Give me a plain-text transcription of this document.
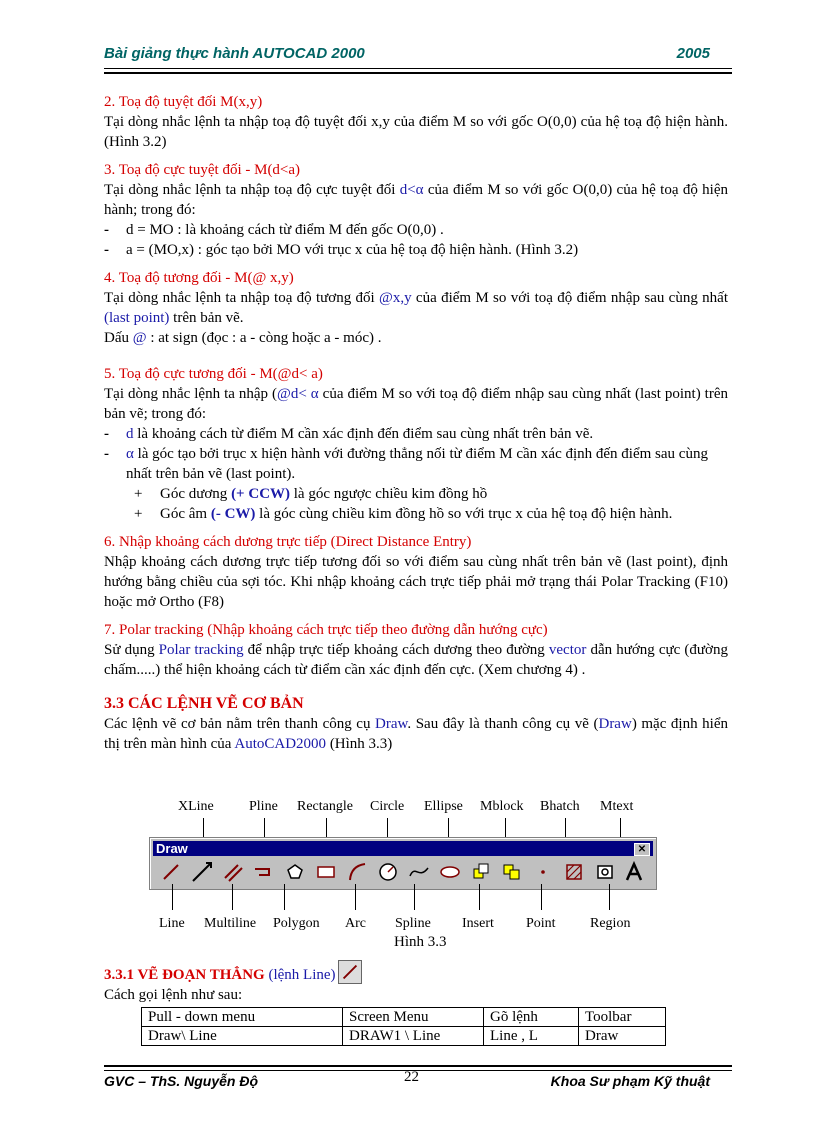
Bài giảng thực hành AUTOCAD 2000	2005

2. Toạ độ tuyệt đối M(x,y)

Tại dòng nhắc lệnh ta nhập toạ độ tuyệt đối x,y của điểm M so với gốc O(0,0) của hệ toạ độ hiện hành. (Hình 3.2)

3. Toạ độ cực tuyệt đối - M(d<a)

Tại dòng nhắc lệnh ta nhập toạ độ cực tuyệt đối d<α của điểm M so với gốc O(0,0) của hệ toạ độ hiện hành; trong đó:

-	d = MO : là khoảng cách từ điểm M đến gốc O(0,0) .
-	a = (MO,x) : góc tạo bởi MO với trục x của hệ toạ độ hiện hành. (Hình 3.2)

4. Toạ độ tương đối - M(@ x,y)

Tại dòng nhắc lệnh ta nhập toạ độ tương đối @x,y của điểm M so với toạ độ điểm nhập sau cùng nhất (last point) trên bản vẽ.

Dấu @ : at sign (đọc : a - còng hoặc a - móc) .

5. Toạ độ cực tương đối - M(@d< a)

Tại dòng nhắc lệnh ta nhập (@d< α của điểm M so với toạ độ điểm nhập sau cùng nhất (last point) trên bản vẽ; trong đó:

-	d là khoảng cách từ điểm M cần xác định đến điểm sau cùng nhất trên bản vẽ.
-	α là góc tạo bởi trục x hiện hành với đường thẳng nối từ điểm M cần xác định đến điểm sau cùng nhất trên bản vẽ (last point).
+	Góc dương (+ CCW) là góc ngược chiều kim đồng hồ
+	Góc âm (- CW) là góc cùng chiều kim đồng hồ so với trục x của hệ toạ độ hiện hành.

6. Nhập khoảng cách dương trực tiếp (Direct Distance Entry)

Nhập khoảng cách dương trực tiếp tương đối so với điểm sau cùng nhất trên bản vẽ (last point), định hướng bằng chiều của sợi tóc. Khi nhập khoảng cách trực tiếp phải mở trạng thái Polar Tracking (F10) hoặc mở Ortho (F8)

7. Polar tracking (Nhập khoảng cách trực tiếp theo đường dẫn hướng cực)

Sử dụng Polar tracking để nhập trực tiếp khoảng cách dương theo đường vector dẫn hướng cực (đường chấm.....) thể hiện khoảng cách từ điểm cần xác định đến cực. (Xem chương 4) .

3.3 CÁC LỆNH VẼ CƠ BẢN

Các lệnh vẽ cơ bản nằm trên thanh công cụ Draw. Sau đây là thanh công cụ vẽ (Draw) mặc định hiển thị trên màn hình của AutoCAD2000 (Hình 3.3)

XLine	Pline Rectangle Circle Ellipse Mblock Bhatch Mtext
Draw	✕
Line Multiline Polygon Arc Spline Insert Point Region
Hình 3.3
3.3.1 VẼ ĐOẠN THẲNG (lệnh Line)
Cách gọi lệnh như sau:
Pull - down menu	Screen Menu	Gõ lệnh	Toolbar
Draw\ Line	DRAW1 \ Line	Line , L	Draw
GVC – ThS. Nguyễn Độ	22	Khoa Sư phạm Kỹ thuật
